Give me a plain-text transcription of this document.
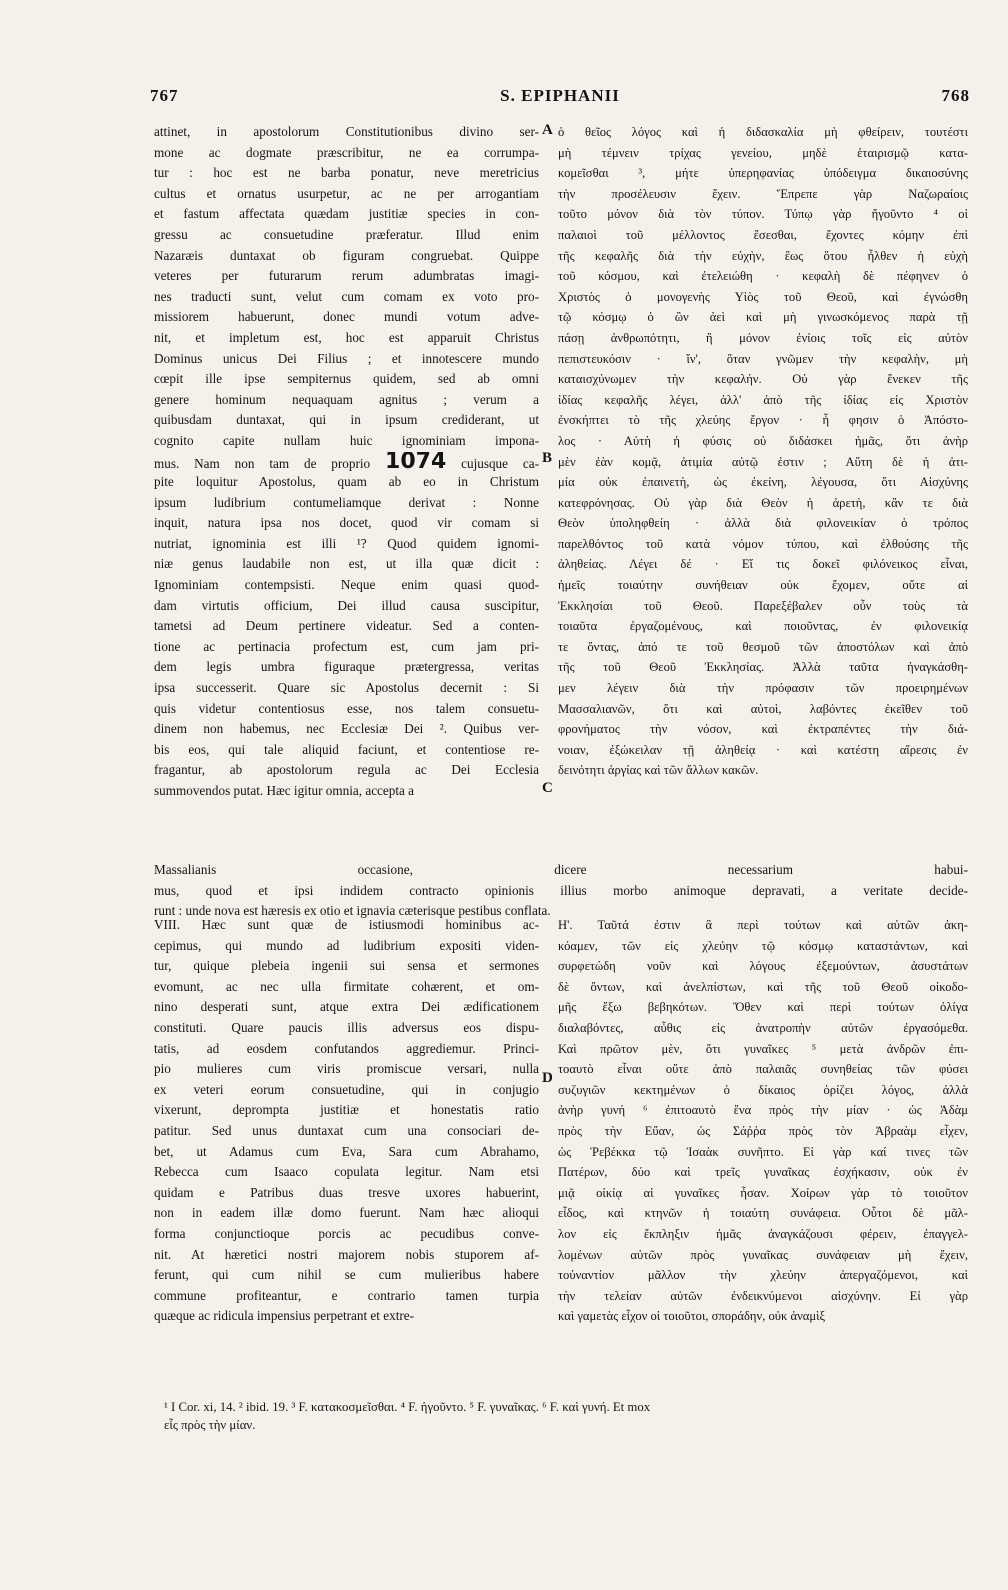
767	S. EPIPHANII	768
attinet, in apostolorum Constitutionibus divino ser-
mone ac dogmate præscribitur, ne ea corrumpa-
tur : hoc est ne barba ponatur, neve meretricius
cultus et ornatus usurpetur, ac ne per arrogantiam
et fastum affectata quædam justitiæ species in con-
gressu ac consuetudine præferatur. Illud enim
Nazaræis duntaxat ob figuram congruebat. Quippe
veteres per futurarum rerum adumbratas imagi-
nes traducti sunt, velut cum comam ex voto pro-
missiorem habuerunt, donec mundi votum adve-
nit, et impletum est, hoc est apparuit Christus
Dominus unicus Dei Filius ; et innotescere mundo
cœpit ille ipse sempiternus quidem, sed ab omni
genere hominum nequaquam agnitus ; verum a
quibusdam duntaxat, qui in ipsum crediderant, ut
cognito capite nullam huic ignominiam impona-
mus. Nam non tam de proprio 1074 cujusque ca-
pite loquitur Apostolus, quam ab eo in Christum
ipsum ludibrium contumeliamque derivat : Nonne
inquit, natura ipsa nos docet, quod vir comam si
nutriat, ignominia est illi ¹? Quod quidem ignomi-
niæ genus laudabile non est, ut illa quæ dicit :
Ignominiam contempsisti. Neque enim quasi quod-
dam virtutis officium, Dei illud causa suscipitur,
tametsi ad Deum pertinere videatur. Sed a conten-
tione ac pertinacia profectum est, cum jam pri-
dem legis umbra figuraque prætergressa, veritas
ipsa successerit. Quare sic Apostolus decernit : Si
quis videtur contentiosus esse, nos talem consuetu-
dinem non habemus, nec Ecclesiæ Dei ². Quibus ver-
bis eos, qui tale aliquid faciunt, et contentiose re-
fragantur, ab apostolorum regula ac Dei Ecclesia
summovendos putat. Hæc igitur omnia, accepta a
ὁ θεῖος λόγος καὶ ἡ διδασκαλία μὴ φθείρειν, τουτέστι
μὴ τέμνειν τρίχας γενείου, μηδὲ ἑταιρισμῷ κατα-
κομεῖσθαι ³, μήτε ὑπερηφανίας ὑπόδειγμα δικαιοσύνης
τὴν προσέλευσιν ἔχειν. Ἔπρεπε γὰρ Ναζωραίοις
τοῦτο μόνον διὰ τὸν τύπον. Τύπῳ γὰρ ἤγοῦντο ⁴ οἱ
παλαιοὶ τοῦ μέλλοντος ἔσεσθαι, ἔχοντες κόμην ἐπὶ
τῆς κεφαλῆς διὰ τὴν εὐχὴν, ἕως ὅτου ἦλθεν ἡ εὐχὴ
τοῦ κόσμου, καὶ ἐτελειώθη · κεφαλὴ δὲ πέφηνεν ὁ
Χριστὸς ὁ μονογενὴς Υἱὸς τοῦ Θεοῦ, καὶ ἐγνώσθη
τῷ κόσμῳ ὁ ὢν ἀεὶ καὶ μὴ γινωσκόμενος παρὰ τῇ
πάσῃ ἀνθρωπότητι, ἢ μόνον ἐνίοις τοῖς εἰς αὐτὸν
πεπιστευκόσιν · ἵν', ὅταν γνῶμεν τὴν κεφαλὴν, μὴ
καταισχύνωμεν τὴν κεφαλήν. Οὐ γὰρ ἕνεκεν τῆς
ἰδίας κεφαλῆς λέγει, ἀλλ' ἀπὸ τῆς ἰδίας εἰς Χριστὸν
ἐνσκήπτει τὸ τῆς χλεύης ἔργον · ἦ φησιν ὁ Ἀπόστο-
λος · Αὐτὴ ἡ φύσις οὐ διδάσκει ἡμᾶς, ὅτι ἀνὴρ
μὲν ἐὰν κομᾷ, ἀτιμία αὐτῷ ἐστιν ; Αὕτη δὲ ἡ ἀτι-
μία οὐκ ἐπαινετὴ, ὡς ἐκείνη, λέγουσα, ὅτι Αἰσχύνης
κατεφρόνησας. Οὐ γὰρ διὰ Θεὸν ἡ ἀρετὴ, κἂν τε διὰ
Θεὸν ὑποληφθείη · ἀλλὰ διὰ φιλονεικίαν ὁ τρόπος
παρελθόντος τοῦ κατὰ νόμον τύπου, καὶ ἐλθούσης τῆς
ἀληθείας. Λέγει δέ · Εἴ τις δοκεῖ φιλόνεικος εἶναι,
ἡμεῖς τοιαύτην συνήθειαν οὐκ ἔχομεν, οὔτε αἱ
Ἐκκλησίαι τοῦ Θεοῦ. Παρεξέβαλεν οὖν τοὺς τὰ
τοιαῦτα ἐργαζομένους, καὶ ποιοῦντας, ἐν φιλονεικίᾳ
τε ὄντας, ἀπό τε τοῦ θεσμοῦ τῶν ἀποστόλων καὶ ἀπὸ
τῆς τοῦ Θεοῦ Ἐκκλησίας. Ἀλλὰ ταῦτα ἠναγκάσθη-
μεν λέγειν διὰ τὴν πρόφασιν τῶν προειρημένων
Μασσαλιανῶν, ὅτι καὶ αὐτοὶ, λαβόντες ἐκεῖθεν τοῦ
φρονήματος τὴν νόσον, καὶ ἐκτραπέντες τὴν διά-
νοιαν, ἐξώκειλαν τῇ ἀληθείᾳ · καὶ κατέστη αἵρεσις ἐν
δεινότητι ἀργίας καὶ τῶν ἄλλων κακῶν.
A
B
C
D
Massalianis occasione, dicere necessarium habui-
mus, quod et ipsi indidem contracto opinionis illius morbo animoque depravati, a veritate decide-
runt : unde nova est hæresis ex otio et ignavia cæterisque pestibus conflata.
VIII. Hæc sunt quæ de istiusmodi hominibus ac-
cepimus, qui mundo ad ludibrium expositi viden-
tur, quique plebeia ingenii sui sensa et sermones
evomunt, ac nec ulla firmitate cohærent, et om-
nino desperati sunt, atque extra Dei ædificationem
constituti. Quare paucis illis adversus eos dispu-
tatis, ad eosdem confutandos aggrediemur. Princi-
pio mulieres cum viris promiscue versari, nulla
ex veteri eorum consuetudine, qui in conjugio
vixerunt, deprompta justitiæ et honestatis ratio
patitur. Sed unus duntaxat cum una consociari de-
bet, ut Adamus cum Eva, Sara cum Abrahamo,
Rebecca cum Isaaco copulata legitur. Nam etsi
quidam e Patribus duas tresve uxores habuerint,
non in eadem illæ domo fuerunt. Nam hæc alioqui
forma conjunctioque porcis ac pecudibus conve-
nit. At hæretici nostri majorem nobis stuporem af-
ferunt, qui cum nihil se cum mulieribus habere
commune profiteantur, e contrario tamen turpia
quæque ac ridicula impensius perpetrant et extre-
Η'. Ταῦτά ἐστιν ἃ περὶ τούτων καὶ αὐτῶν ἀκη-
κόαμεν, τῶν εἰς χλεύην τῷ κόσμῳ καταστάντων, καὶ
συρφετώδη νοῦν καὶ λόγους ἐξεμούντων, ἀσυστάτων
δὲ ὄντων, καὶ ἀνελπίστων, καὶ τῆς τοῦ Θεοῦ οἰκοδο-
μῆς ἔξω βεβηκότων. Ὅθεν καὶ περὶ τούτων ὀλίγα
διαλαβόντες, αὖθις εἰς ἀνατροπὴν αὐτῶν ἐργασόμεθα.
Καὶ πρῶτον μὲν, ὅτι γυναῖκες ⁵ μετὰ ἀνδρῶν ἐπι-
τοαυτὸ εἶναι οὔτε ἀπὸ παλαιᾶς συνηθείας τῶν φύσει
συζυγιῶν κεκτημένων ὁ δίκαιος ὁρίζει λόγος, ἀλλὰ
ἀνὴρ γυνή ⁶ ἐπιτοαυτὸ ἕνα πρὸς τὴν μίαν · ὡς Ἀδὰμ
πρὸς τὴν Εὔαν, ὡς Σάῤῥα πρὸς τὸν Ἀβραὰμ εἶχεν,
ὡς Ῥεβέκκα τῷ Ἰσαὰκ συνῆπτο. Εἰ γὰρ καί τινες τῶν
Πατέρων, δύο καὶ τρεῖς γυναῖκας ἐσχήκασιν, οὐκ ἐν
μιᾷ οἰκίᾳ αἱ γυναῖκες ἦσαν. Χοίρων γὰρ τὸ τοιοῦτον
εἶδος, καὶ κτηνῶν ἡ τοιαύτη συνάφεια. Οὗτοι δὲ μᾶλ-
λον εἰς ἔκπληξιν ἡμᾶς ἀναγκάζουσι φέρειν, ἐπαγγελ-
λομένων αὐτῶν πρὸς γυναῖκας συνάφειαν μὴ ἔχειν,
τοὐναντίον μᾶλλον τὴν χλεύην ἀπεργαζόμενοι, καὶ
τὴν τελείαν αὐτῶν ἐνδεικνύμενοι αἰσχύνην. Εἰ γὰρ
καὶ γαμετὰς εἶχον οἱ τοιοῦτοι, σποράδην, οὐκ ἀναμὶξ
¹ I Cor. xi, 14. ² ibid. 19. ³ F. κατακοσμεῖσθαι. ⁴ F. ἡγοῦντο. ⁵ F. γυναῖκας. ⁶ F. καὶ γυνή. Et mox
εἷς πρὸς τὴν μίαν.
